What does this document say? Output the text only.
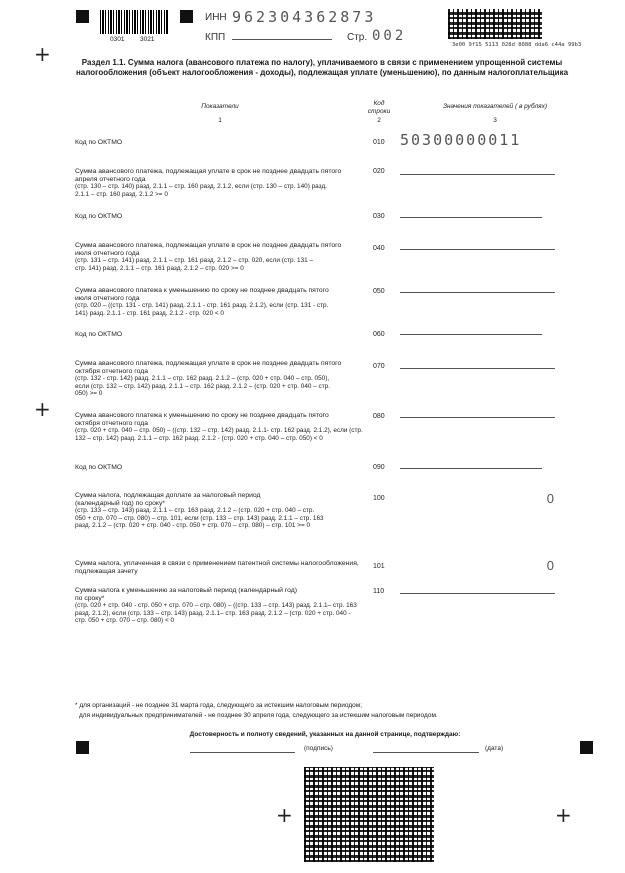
+
+
+	+
0301 3021
ИНН 962304362873
КПП	Стр. 002
3e00 9f15 5113 028d 8088 dda6 c44a 99b3
Раздел 1.1. Сумма налога (авансового платежа по налогу), уплачиваемого в связи с применением упрощенной системы налогообложения (объект налогообложения - доходы), подлежащая уплате (уменьшению), по данным налогоплательщика
Показатели
1
Код строки
2
Значения показателей ( в рублях)
3
Код по ОКТМО	010 50300000011
Сумма авансового платежа, подлежащая уплате в срок не позднее двадцать пятого апреля отчетного года
(стр. 130 – стр. 140) разд. 2.1.1 – стр. 160 разд. 2.1.2, если (стр. 130 – стр. 140) разд. 2.1.1 – стр. 160 разд. 2.1.2 >= 0
020
Код по ОКТМО	030
Сумма авансового платежа, подлежащая уплате в срок не позднее двадцать пятого июля отчетного года
(стр. 131 – стр. 141) разд. 2.1.1 – стр. 161 разд. 2.1.2 – стр. 020, если (стр. 131 – стр. 141) разд. 2.1.1 – стр. 161 разд. 2.1.2 – стр. 020 >= 0
040
Сумма авансового платежа к уменьшению по сроку не позднее двадцать пятого июля отчетного года
(стр. 020 – ((стр. 131 - стр. 141) разд. 2.1.1 - стр. 161 разд. 2.1.2), если (стр. 131 - стр. 141) разд. 2.1.1 - стр. 161 разд. 2.1.2 - стр. 020 < 0
050
Код по ОКТМО	060
Сумма авансового платежа, подлежащая уплате в срок не позднее двадцать пятого октября отчетного года
(стр. 132 - стр. 142) разд. 2.1.1 – стр. 162 разд. 2.1.2 – (стр. 020 + стр. 040 – стр. 050), если (стр. 132 – стр. 142) разд. 2.1.1 – стр. 162 разд. 2.1.2 – (стр. 020 + стр. 040 – стр. 050) >= 0
070
Сумма авансового платежа к уменьшению по сроку не позднее двадцать пятого октября отчетного года
(стр. 020 + стр. 040 – стр. 050) – ((стр. 132 – стр. 142) разд. 2.1.1- стр. 162 разд. 2.1.2), если (стр. 132 – стр. 142) разд. 2.1.1 – стр. 162 разд. 2.1.2 - (стр. 020 + стр. 040 – стр. 050) < 0
080
Код по ОКТМО	090
Сумма налога, подлежащая доплате за налоговый период (календарный год) по сроку*
(стр. 133 – стр. 143) разд. 2.1.1 – стр. 163 разд. 2.1.2 – (стр. 020 + стр. 040 – стр. 050 + стр. 070 – стр. 080) – стр. 101, если (стр. 133 – стр. 143) разд. 2.1.1 – стр. 163 разд. 2.1.2 – (стр. 020 + стр. 040 - стр. 050 + стр. 070 – стр. 080) – стр. 101 >= 0
100	0
Сумма налога, уплаченная в связи с применением патентной системы налогообложения, подлежащая зачету
101	0
Сумма налога к уменьшению за налоговый период (календарный год) по сроку*
(стр. 020 + стр. 040 - стр. 050 + стр. 070 – стр. 080) – ((стр. 133 – стр. 143) разд. 2.1.1– стр. 163 разд. 2.1.2), если (стр. 133 – стр. 143) разд. 2.1.1– стр. 163 разд. 2.1.2 – (стр. 020 + стр. 040 - стр. 050 + стр. 070 – стр. 080) < 0
110
* для организаций - не позднее 31 марта года, следующего за истекшим налоговым периодом;
для индивидуальных предпринимателей - не позднее 30 апреля года, следующего за истекшим налоговым периодом.
Достоверность и полноту сведений, указанных на данной странице, подтверждаю:
(подпись)	(дата)
